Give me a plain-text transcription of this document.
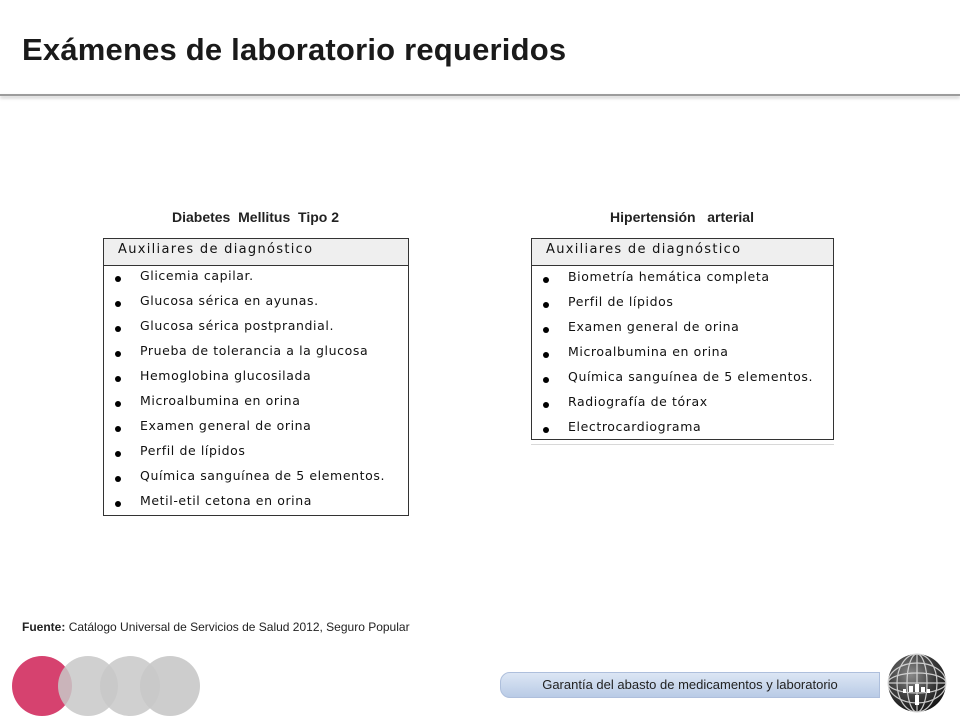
Exámenes de laboratorio requeridos
Diabetes  Mellitus  Tipo 2
Auxiliares de diagnóstico
Glicemia capilar.
Glucosa sérica en ayunas.
Glucosa sérica postprandial.
Prueba de tolerancia a la glucosa
Hemoglobina glucosilada
Microalbumina en orina
Examen general de orina
Perfil de lípidos
Química sanguínea de 5 elementos.
Metil-etil cetona en orina
Hipertensión   arterial
Auxiliares de diagnóstico
Biometría hemática completa
Perfil de lípidos
Examen general de orina
Microalbumina en orina
Química sanguínea de 5 elementos.
Radiografía de tórax
Electrocardiograma
Fuente: Catálogo Universal de Servicios de Salud 2012, Seguro Popular
Garantía del abasto de medicamentos y laboratorio
